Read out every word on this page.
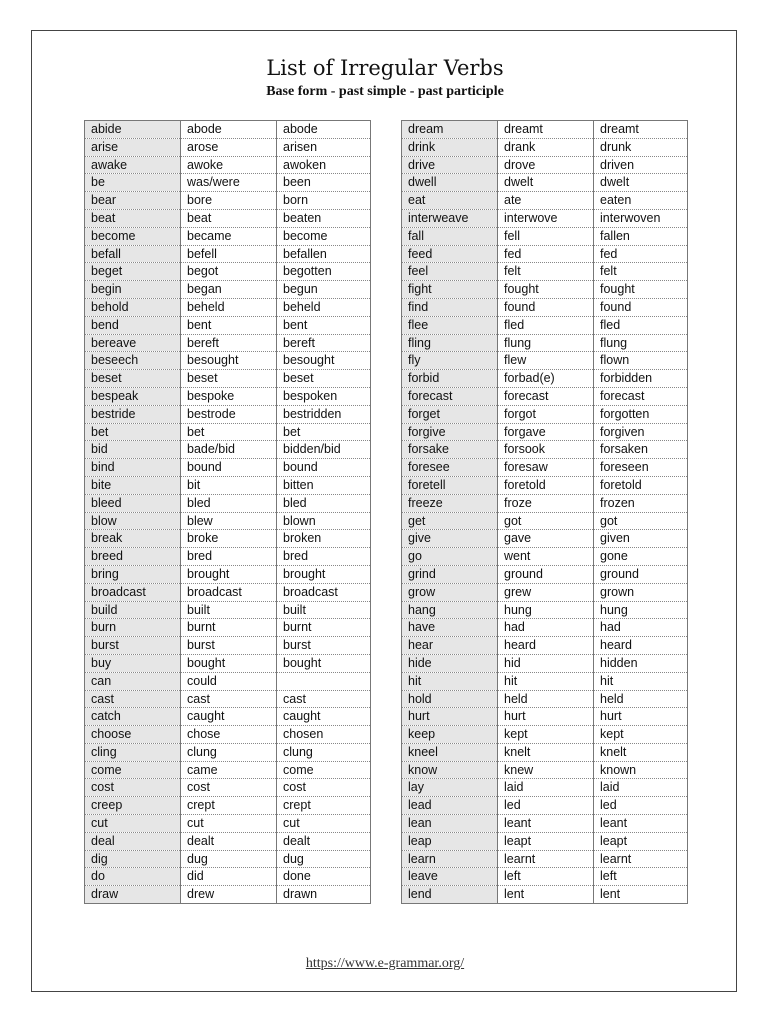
List of Irregular Verbs
Base form - past simple - past participle
abide	abode	abode
arise	arose	arisen
awake	awoke	awoken
be	was/were	been
bear	bore	born
beat	beat	beaten
become	became	become
befall	befell	befallen
beget	begot	begotten
begin	began	begun
behold	beheld	beheld
bend	bent	bent
bereave	bereft	bereft
beseech	besought	besought
beset	beset	beset
bespeak	bespoke	bespoken
bestride	bestrode	bestridden
bet	bet	bet
bid	bade/bid	bidden/bid
bind	bound	bound
bite	bit	bitten
bleed	bled	bled
blow	blew	blown
break	broke	broken
breed	bred	bred
bring	brought	brought
broadcast	broadcast	broadcast
build	built	built
burn	burnt	burnt
burst	burst	burst
buy	bought	bought
can	could	
cast	cast	cast
catch	caught	caught
choose	chose	chosen
cling	clung	clung
come	came	come
cost	cost	cost
creep	crept	crept
cut	cut	cut
deal	dealt	dealt
dig	dug	dug
do	did	done
draw	drew	drawn
dream	dreamt	dreamt
drink	drank	drunk
drive	drove	driven
dwell	dwelt	dwelt
eat	ate	eaten
interweave	interwove	interwoven
fall	fell	fallen
feed	fed	fed
feel	felt	felt
fight	fought	fought
find	found	found
flee	fled	fled
fling	flung	flung
fly	flew	flown
forbid	forbad(e)	forbidden
forecast	forecast	forecast
forget	forgot	forgotten
forgive	forgave	forgiven
forsake	forsook	forsaken
foresee	foresaw	foreseen
foretell	foretold	foretold
freeze	froze	frozen
get	got	got
give	gave	given
go	went	gone
grind	ground	ground
grow	grew	grown
hang	hung	hung
have	had	had
hear	heard	heard
hide	hid	hidden
hit	hit	hit
hold	held	held
hurt	hurt	hurt
keep	kept	kept
kneel	knelt	knelt
know	knew	known
lay	laid	laid
lead	led	led
lean	leant	leant
leap	leapt	leapt
learn	learnt	learnt
leave	left	left
lend	lent	lent
https://www.e-grammar.org/
